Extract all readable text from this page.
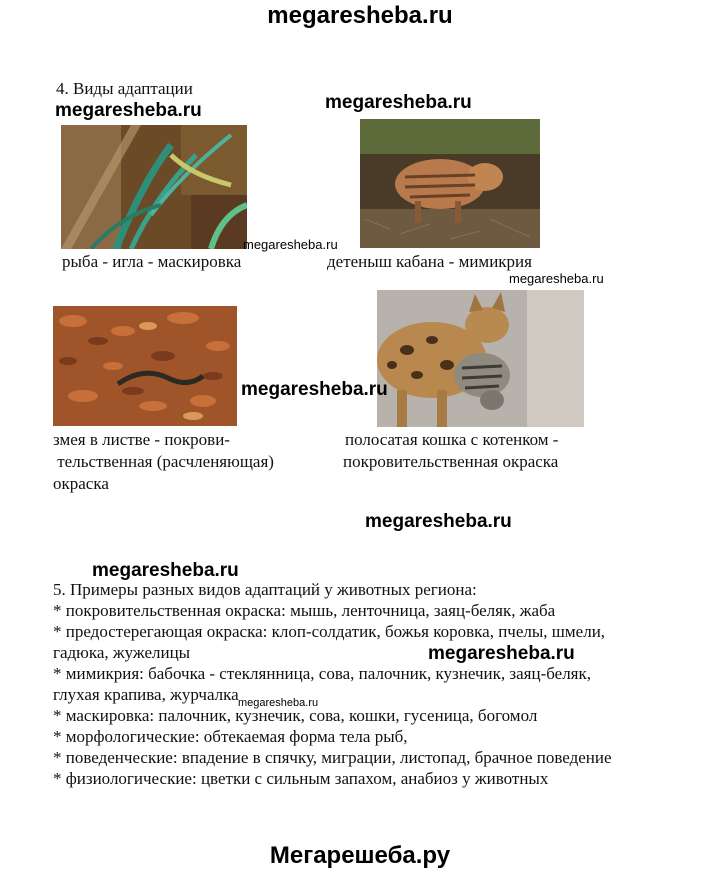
megaresheba.ru
4. Виды адаптации
megaresheba.ru	megaresheba.ru
megaresheba.ru
рыба - игла - маскировка	детеныш кабана - мимикрия
megaresheba.ru
megaresheba.ru
змея в листве - покрови-
тельственная (расчленяющая)
окраска
полосатая кошка с котенком -
покровительственная окраска
megaresheba.ru
megaresheba.ru
5. Примеры разных видов адаптаций у животных региона:
* покровительственная окраска: мышь, ленточница, заяц-беляк, жаба
* предостерегающая окраска: клоп-солдатик, божья коровка, пчелы, шмели,
гадюка, жужелицы
* мимикрия: бабочка - стеклянница, сова, палочник, кузнечик, заяц-беляк,
глухая крапива, журчалка
* маскировка: палочник, кузнечик, сова, кошки, гусеница, богомол
* морфологические: обтекаемая форма тела рыб,
* поведенческие: впадение в спячку, миграции, листопад, брачное поведение
* физиологические: цветки с сильным запахом, анабиоз у животных
megaresheba.ru
megaresheba.ru
Мегарешеба.ру
